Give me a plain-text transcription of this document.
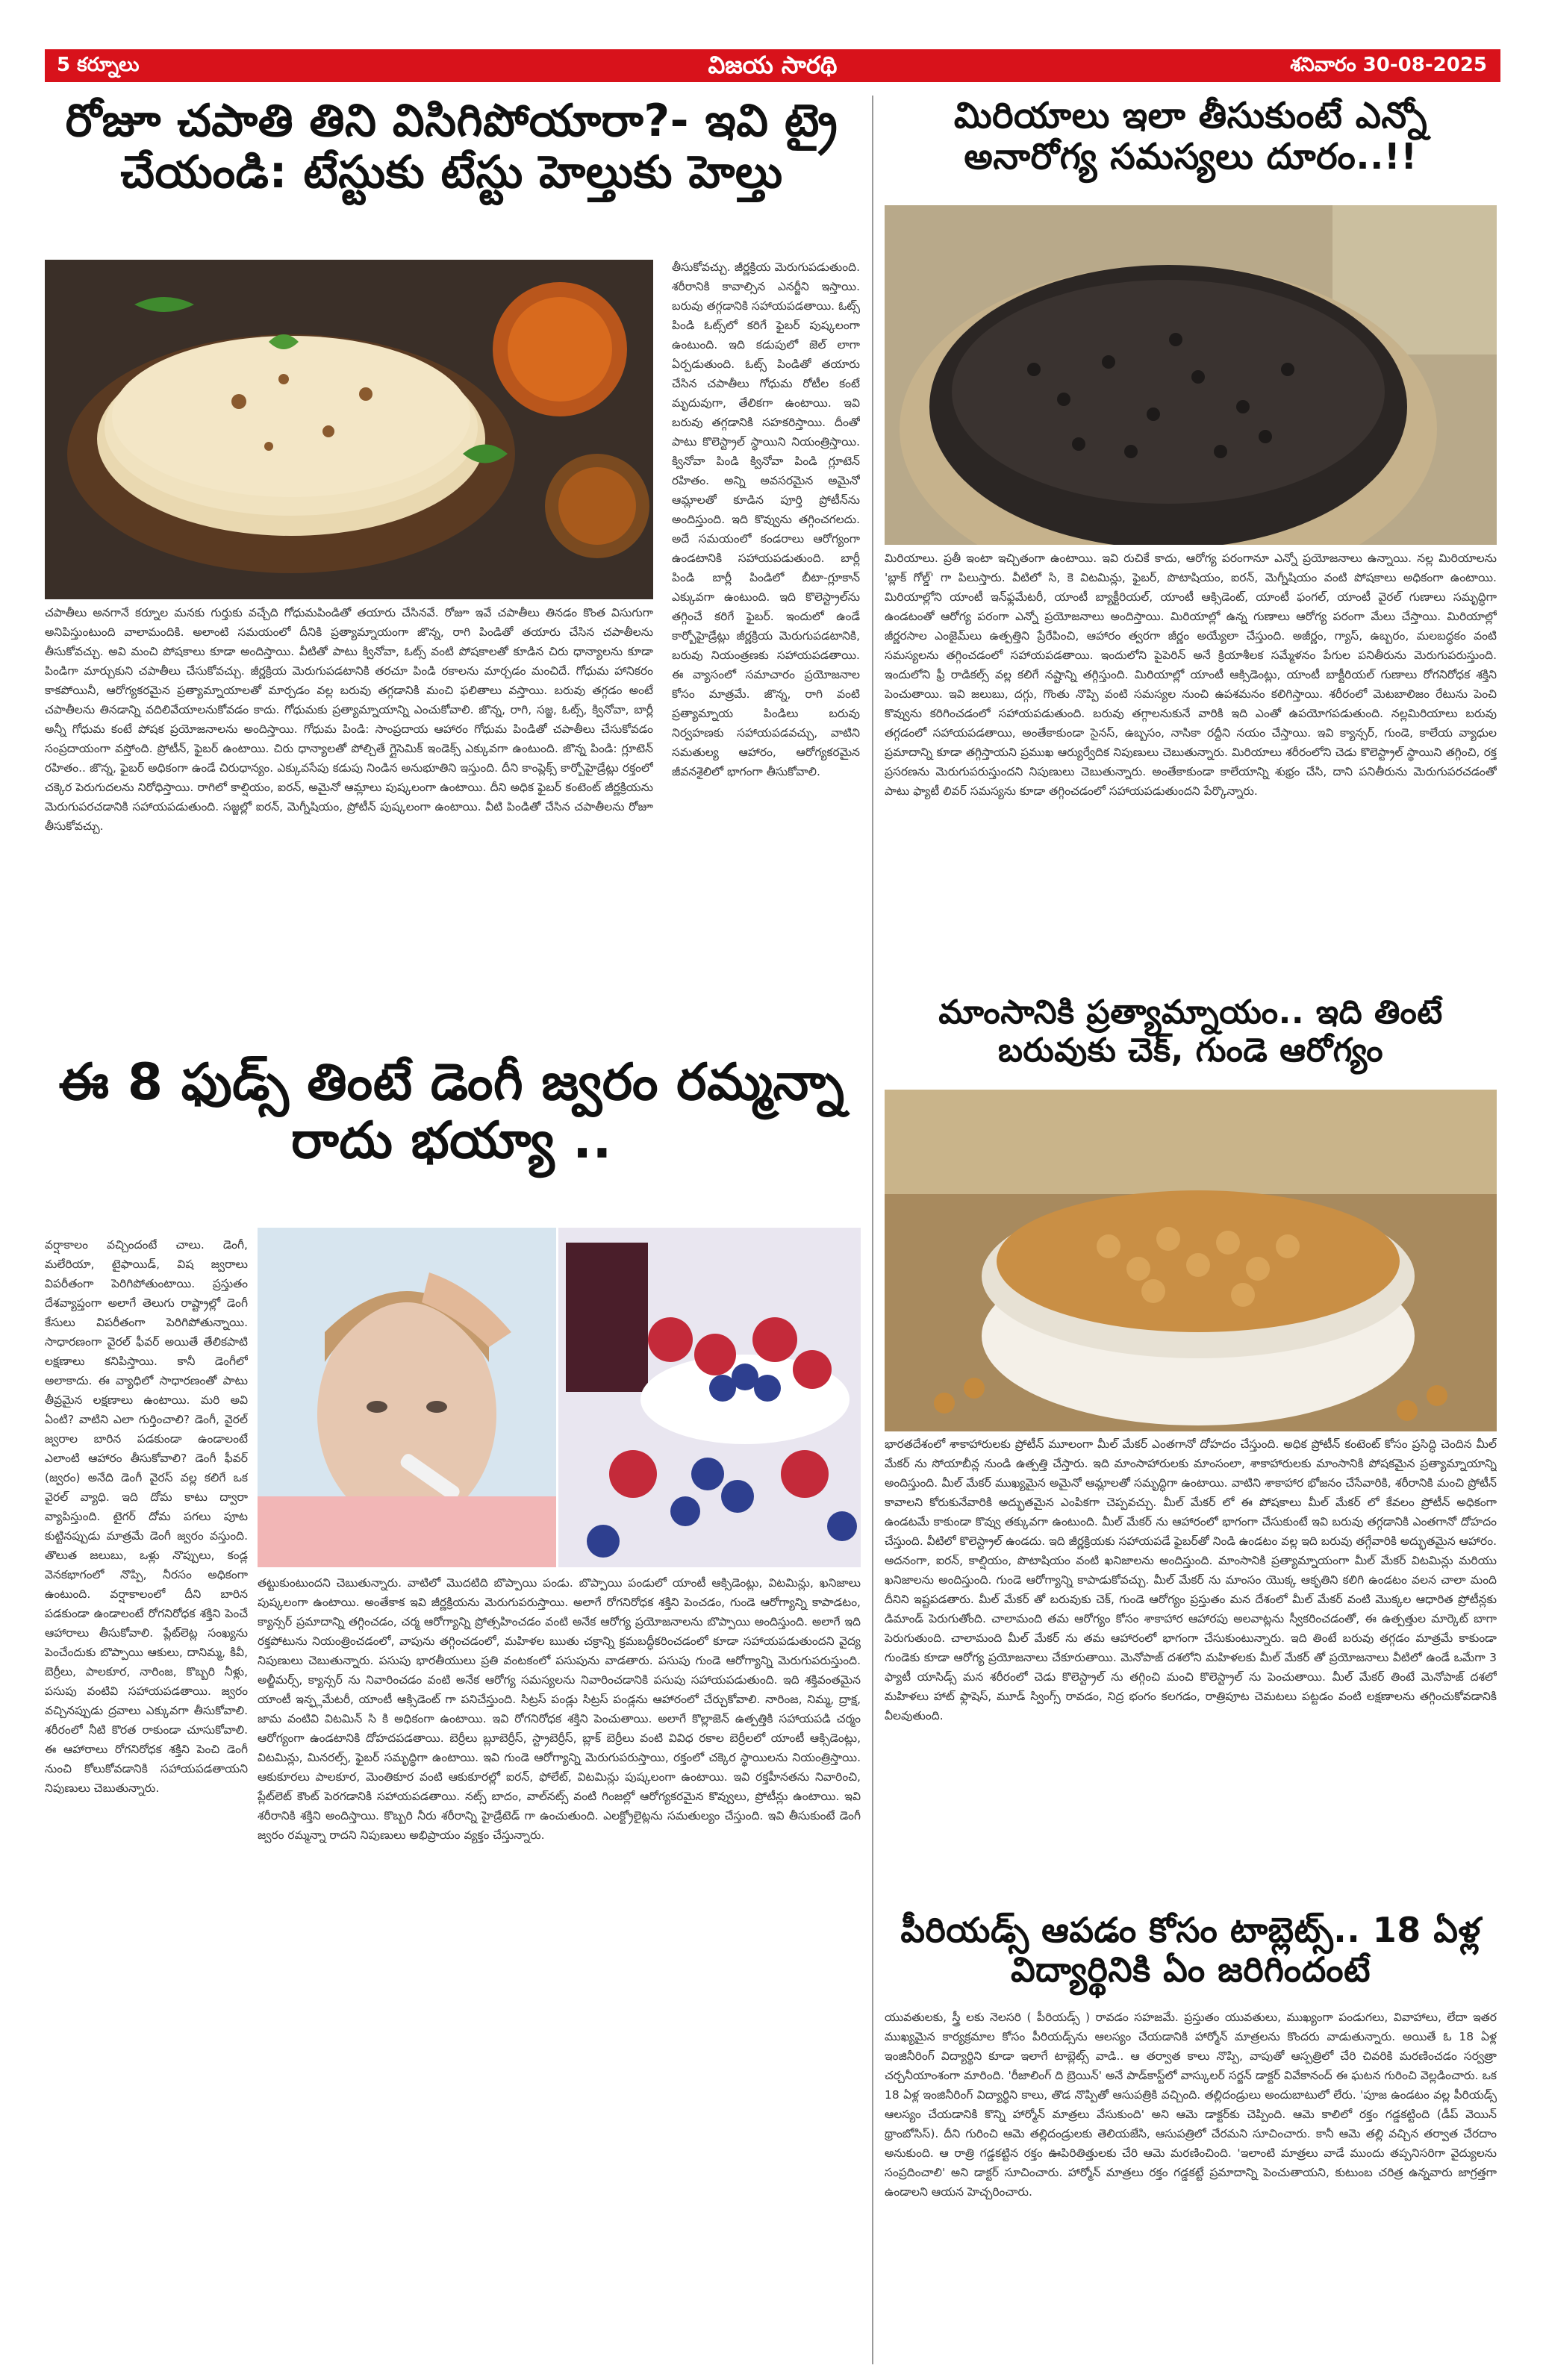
5 కర్నూలు	విజయ సారథి	శనివారం 30-08-2025
రోజూ చపాతి తిని విసిగిపోయారా?- ఇవి ట్రై చేయండి: టేస్టుకు టేస్టు హెల్తుకు హెల్తు
తీసుకోవచ్చు. జీర్ణక్రియ మెరుగుపడుతుంది. శరీరానికి కావాల్సిన ఎనర్జీని ఇస్తాయి. బరువు తగ్గడానికి సహాయపడతాయి. ఓట్స్ పిండి ఓట్స్‌లో కరిగే ఫైబర్ పుష్కలంగా ఉంటుంది. ఇది కడుపులో జెల్ లాగా ఏర్పడుతుంది. ఓట్స్ పిండితో తయారు చేసిన చపాతీలు గోధుమ రోటీల కంటే మృదువుగా, తేలికగా ఉంటాయి. ఇవి బరువు తగ్గడానికి సహకరిస్తాయి. దీంతో పాటు కొలెస్ట్రాల్ స్థాయిని నియంత్రిస్తాయి. క్వినోవా పిండి క్వినోవా పిండి గ్లూటెన్ రహితం. అన్ని అవసరమైన అమైనో ఆమ్లాలతో కూడిన పూర్తి ప్రోటీన్‌ను అందిస్తుంది. ఇది కొవ్వును తగ్గించగలదు. అదే సమయంలో కండరాలు ఆరోగ్యంగా ఉండటానికి సహాయపడుతుంది. బార్లీ పిండి బార్లీ పిండిలో బీటా-గ్లూకాన్ ఎక్కువగా ఉంటుంది. ఇది కొలెస్ట్రాల్‌ను తగ్గించే కరిగే ఫైబర్. ఇందులో ఉండే కార్బోహైడ్రేట్లు జీర్ణక్రియ మెరుగుపడటానికి, బరువు నియంత్రణకు సహాయపడతాయి. ఈ వ్యాసంలో సమాచారం ప్రయోజనాల కోసం మాత్రమే. జొన్న, రాగి వంటి ప్రత్యామ్నాయ పిండిలు బరువు నిర్వహణకు సహాయపడవచ్చు, వాటిని సమతుల్య ఆహారం, ఆరోగ్యకరమైన జీవనశైలిలో భాగంగా తీసుకోవాలి.
చపాతీలు అనగానే కర్నూల మనకు గుర్తుకు వచ్చేది గోధుమపిండితో తయారు చేసినవే. రోజూ ఇవే చపాతీలు తినడం కొంత విసుగుగా అనిపిస్తుంటుంది వాలామందికి. అలాంటి సమయంలో దీనికి ప్రత్యామ్నాయంగా జొన్న, రాగి పిండితో తయారు చేసిన చపాతీలను తీసుకోవచ్చు. అవి మంచి పోషకాలు కూడా అందిస్తాయి. వీటితో పాటు క్వినోవా, ఓట్స్ వంటి పోషకాలతో కూడిన చిరు ధాన్యాలను కూడా పిండిగా మార్చుకుని చపాతీలు చేసుకోవచ్చు. జీర్ణక్రియ మెరుగుపడటానికి తరచూ పిండి రకాలను మార్చడం మంచిదే. గోధుమ హానికరం కాకపోయినీ, ఆరోగ్యకరమైన ప్రత్యామ్నాయాలతో మార్చడం వల్ల బరువు తగ్గడానికి మంచి ఫలితాలు వస్తాయి. బరువు తగ్గడం అంటే చపాతీలను తినడాన్ని వదిలివేయాలనుకోవడం కాదు. గోధుమకు ప్రత్యామ్నాయాన్ని ఎంచుకోవాలి. జొన్న, రాగి, సజ్జ, ఓట్స్, క్వినోవా, బార్లీ అన్నీ గోధుమ కంటే పోషక ప్రయోజనాలను అందిస్తాయి. గోధుమ పిండి: సాంప్రదాయ ఆహారం గోధుమ పిండితో చపాతీలు చేసుకోవడం సంప్రదాయంగా వస్తోంది. ప్రోటీన్, ఫైబర్ ఉంటాయి. చిరు ధాన్యాలతో పోల్చితే గ్లైసెమిక్ ఇండెక్స్ ఎక్కువగా ఉంటుంది. జొన్న పిండి: గ్లూటెన్ రహితం.. జొన్న, ఫైబర్ అధికంగా ఉండే చిరుధాన్యం. ఎక్కువసేపు కడుపు నిండిన అనుభూతిని ఇస్తుంది. దీని కాంప్లెక్స్ కార్బోహైడ్రేట్లు రక్తంలో చక్కెర పెరుగుదలను నిరోధిస్తాయి. రాగిలో కాల్షియం, ఐరన్, అమైనో ఆమ్లాలు పుష్కలంగా ఉంటాయి. దీని అధిక ఫైబర్ కంటెంట్ జీర్ణక్రియను మెరుగుపరచడానికి సహాయపడుతుంది. సజ్జల్లో ఐరన్, మెగ్నీషియం, ప్రోటీన్ పుష్కలంగా ఉంటాయి. వీటి పిండితో చేసిన చపాతీలను రోజూ తీసుకోవచ్చు.
మిరియాలు ఇలా తీసుకుంటే ఎన్నో అనారోగ్య సమస్యలు దూరం..!!
మిరియాలు. ప్రతీ ఇంటా ఇచ్చితంగా ఉంటాయి. ఇవి రుచికే కాదు, ఆరోగ్య పరంగానూ ఎన్నో ప్రయోజనాలు ఉన్నాయి. నల్ల మిరియాలను 'బ్లాక్ గోల్డ్' గా పిలుస్తారు. వీటిలో సి, కె విటమిన్లు, ఫైబర్, పొటాషియం, ఐరన్, మెగ్నీషియం వంటి పోషకాలు అధికంగా ఉంటాయి. మిరియాల్లోని యాంటీ ఇన్‌ఫ్లమేటరీ, యాంటీ బ్యాక్టీరియల్, యాంటీ ఆక్సిడెంట్, యాంటీ ఫంగల్, యాంటీ వైరల్ గుణాలు సమృద్ధిగా ఉండటంతో ఆరోగ్య పరంగా ఎన్నో ప్రయోజనాలు అందిస్తాయి. మిరియాల్లో ఉన్న గుణాలు ఆరోగ్య పరంగా మేలు చేస్తాయి. మిరియాల్లో జీర్ణరసాల ఎంజైమ్‌లు ఉత్పత్తిని ప్రేరేపించి, ఆహారం త్వరగా జీర్ణం అయ్యేలా చేస్తుంది. అజీర్ణం, గ్యాస్, ఉబ్బరం, మలబద్ధకం వంటి సమస్యలను తగ్గించడంలో సహాయపడతాయి. ఇందులోని పైపెరిన్ అనే క్రియాశీలక సమ్మేళనం పేగుల పనితీరును మెరుగుపరుస్తుంది. ఇందులోని ఫ్రీ రాడికల్స్ వల్ల కలిగే నష్టాన్ని తగ్గిస్తుంది. మిరియాల్లో యాంటీ ఆక్సిడెంట్లు, యాంటీ బాక్టీరియల్ గుణాలు రోగనిరోధక శక్తిని పెంచుతాయి. ఇవి జలుబు, దగ్గు, గొంతు నొప్పి వంటి సమస్యల నుంచి ఉపశమనం కలిగిస్తాయి. శరీరంలో మెటబాలిజం రేటును పెంచి కొవ్వును కరిగించడంలో సహాయపడుతుంది. బరువు తగ్గాలనుకునే వారికి ఇది ఎంతో ఉపయోగపడుతుంది. నల్లమిరియాలు బరువు తగ్గడంలో సహాయపడతాయి, అంతేకాకుండా సైనస్, ఉబ్బసం, నాసికా రద్దీని నయం చేస్తాయి. ఇవి క్యాన్సర్, గుండె, కాలేయ వ్యాధుల ప్రమాదాన్ని కూడా తగ్గిస్తాయని ప్రముఖ ఆర్యుర్వేదిక నిపుణులు చెబుతున్నారు. మిరియాలు శరీరంలోని చెడు కొలెస్ట్రాల్ స్థాయిని తగ్గించి, రక్త ప్రసరణను మెరుగుపరుస్తుందని నిపుణులు చెబుతున్నారు. అంతేకాకుండా కాలేయాన్ని శుభ్రం చేసి, దాని పనితీరును మెరుగుపరచడంతో పాటు ఫ్యాటీ లివర్ సమస్యను కూడా తగ్గించడంలో సహాయపడుతుందని పేర్కొన్నారు.
మాంసానికి ప్రత్యామ్నాయం.. ఇది తింటే బరువుకు చెక్, గుండె ఆరోగ్యం
భారతదేశంలో శాకాహారులకు ప్రోటీన్ మూలంగా మీల్ మేకర్ ఎంతగానో దోహదం చేస్తుంది. అధిక ప్రోటీన్ కంటెంట్ కోసం ప్రసిద్ధి చెందిన మీల్ మేకర్ ను సోయాబీన్ల నుండి ఉత్పత్తి చేస్తారు. ఇది మాంసాహారులకు మాంసంలా, శాకాహారులకు మాంసానికి పోషకమైన ప్రత్యామ్నాయాన్ని అందిస్తుంది. మీల్ మేకర్ ముఖ్యమైన అమైనో ఆమ్లాలతో సమృద్ధిగా ఉంటాయి. వాటిని శాకాహార భోజనం చేసేవారికి, శరీరానికి మంచి ప్రోటీన్ కావాలని కోరుకునేవారికి అద్భుతమైన ఎంపికగా చెప్పవచ్చు. మీల్ మేకర్ లో ఈ పోషకాలు మీల్ మేకర్ లో కేవలం ప్రోటీన్ అధికంగా ఉండటమే కాకుండా కొవ్వు తక్కువగా ఉంటుంది. మీల్ మేకర్ ను ఆహారంలో భాగంగా చేసుకుంటే ఇవి బరువు తగ్గడానికి ఎంతగానో దోహదం చేస్తుంది. వీటిలో కొలెస్ట్రాల్ ఉండదు. ఇది జీర్ణక్రియకు సహాయపడే ఫైబర్‌తో నిండి ఉండటం వల్ల ఇది బరువు తగ్గేవారికి అద్భుతమైన ఆహారం. అదనంగా, ఐరన్, కాల్షియం, పొటాషియం వంటి ఖనిజాలను అందిస్తుంది. మాంసానికి ప్రత్యామ్నాయంగా మీల్ మేకర్ విటమిన్లు మరియు ఖనిజాలను అందిస్తుంది. గుండె ఆరోగ్యాన్ని కాపాడుకోవచ్చు. మీల్ మేకర్ ను మాంసం యొక్క ఆకృతిని కలిగి ఉండటం వలన చాలా మంది దీనిని ఇష్టపడతారు. మీల్ మేకర్ తో బరువుకు చెక్, గుండె ఆరోగ్యం ప్రస్తుతం మన దేశంలో మీల్ మేకర్ వంటి మొక్కల ఆధారిత ప్రోటీన్లకు డిమాండ్ పెరుగుతోంది. చాలామంది తమ ఆరోగ్యం కోసం శాకాహార ఆహారపు అలవాట్లను స్వీకరించడంతో, ఈ ఉత్పత్తుల మార్కెట్ బాగా పెరుగుతుంది. చాలామంది మీల్ మేకర్ ను తమ ఆహారంలో భాగంగా చేసుకుంటున్నారు. ఇది తింటే బరువు తగ్గడం మాత్రమే కాకుండా గుండెకు కూడా ఆరోగ్య ప్రయోజనాలు చేకూరుతాయి. మెనోపాజ్ దశలోని మహిళలకు మీల్ మేకర్ తో ప్రయోజనాలు వీటిలో ఉండే ఒమేగా 3 ఫ్యాటీ యాసిడ్స్ మన శరీరంలో చెడు కొలెస్ట్రాల్ ను తగ్గించి మంచి కొలెస్ట్రాల్ ను పెంచుతాయి. మీల్ మేకర్ తింటే మెనోపాజ్ దశలో మహిళలు హాట్ ఫ్లాషెస్, మూడ్ స్వింగ్స్ రావడం, నిద్ర భంగం కలగడం, రాత్రిపూట చెమటలు పట్టడం వంటి లక్షణాలను తగ్గించుకోవడానికి వీలవుతుంది.
ఈ 8 ఫుడ్స్ తింటే డెంగీ జ్వరం రమ్మన్నా రాదు భయ్యా ..
వర్షాకాలం వచ్చిందంటే చాలు. డెంగీ, మలేరియా, టైఫాయిడ్, విష జ్వరాలు విపరీతంగా పెరిగిపోతుంటాయి. ప్రస్తుతం దేశవ్యాప్తంగా అలాగే తెలుగు రాష్ట్రాల్లో డెంగీ కేసులు విపరీతంగా పెరిగిపోతున్నాయి. సాధారణంగా వైరల్ ఫీవర్ అయితే తేలికపాటి లక్షణాలు కనిపిస్తాయి. కానీ డెంగీలో అలాకాదు. ఈ వ్యాధిలో సాధారణంతో పాటు తీవ్రమైన లక్షణాలు ఉంటాయి. మరి అవి ఏంటి? వాటిని ఎలా గుర్తించాలి? డెంగీ, వైరల్ జ్వరాల బారిన పడకుండా ఉండాలంటే ఎలాంటి ఆహారం తీసుకోవాలి? డెంగీ ఫీవర్ (జ్వరం) అనేది డెంగీ వైరస్ వల్ల కలిగే ఒక వైరల్ వ్యాధి. ఇది దోమ కాటు ద్వారా వ్యాపిస్తుంది. టైగర్ దోమ పగలు పూట కుట్టినప్పుడు మాత్రమే డెంగీ జ్వరం వస్తుంది. తొలుత జలుబు, ఒళ్లు నొప్పులు, కండ్ల వెనకభాగంలో నొప్పి, నీరసం అధికంగా ఉంటుంది. వర్షాకాలంలో దీని బారిన పడకుండా ఉండాలంటే రోగనిరోధక శక్తిని పెంచే ఆహారాలు తీసుకోవాలి. ప్లేట్‌లెట్ల సంఖ్యను పెంచేందుకు బొప్పాయి ఆకులు, దానిమ్మ, కివీ, బెర్రీలు, పాలకూర, నారింజ, కొబ్బరి నీళ్లు, పసుపు వంటివి సహాయపడతాయి. జ్వరం వచ్చినప్పుడు ద్రవాలు ఎక్కువగా తీసుకోవాలి. శరీరంలో నీటి కొరత రాకుండా చూసుకోవాలి. ఈ ఆహారాలు రోగనిరోధక శక్తిని పెంచి డెంగీ నుంచి కోలుకోవడానికి సహాయపడతాయని నిపుణులు చెబుతున్నారు.
తట్టుకుంటుందని చెబుతున్నారు. వాటిలో మొదటిది బొప్పాయి పండు. బొప్పాయి పండులో యాంటీ ఆక్సిడెంట్లు, విటమిన్లు, ఖనిజాలు పుష్కలంగా ఉంటాయి. అంతేకాక ఇవి జీర్ణక్రియను మెరుగుపరుస్తాయి. అలాగే రోగనిరోధక శక్తిని పెంచడం, గుండె ఆరోగ్యాన్ని కాపాడటం, క్యాన్సర్ ప్రమాదాన్ని తగ్గించడం, చర్మ ఆరోగ్యాన్ని ప్రోత్సహించడం వంటి అనేక ఆరోగ్య ప్రయోజనాలను బొప్పాయి అందిస్తుంది. అలాగే ఇది రక్తపోటును నియంత్రించడంలో, వాపును తగ్గించడంలో, మహిళల ఋతు చక్రాన్ని క్రమబద్ధీకరించడంలో కూడా సహాయపడుతుందని వైద్య నిపుణులు చెబుతున్నారు. పసుపు భారతీయులు ప్రతి వంటకంలో పసుపును వాడతారు. పసుపు గుండె ఆరోగ్యాన్ని మెరుగుపరుస్తుంది. అల్జీమర్స్, క్యాన్సర్ ను నివారించడం వంటి అనేక ఆరోగ్య సమస్యలను నివారించడానికి పసుపు సహాయపడుతుంది. ఇది శక్తివంతమైన యాంటీ ఇన్ఫ్లమేటరీ, యాంటీ ఆక్సిడెంట్ గా పనిచేస్తుంది. సిట్రస్ పండ్లు సిట్రస్ పండ్లను ఆహారంలో చేర్చుకోవాలి. నారింజ, నిమ్మ, ద్రాక్ష, జామ వంటివి విటమిన్ సి కి అధికంగా ఉంటాయి. ఇవి రోగనిరోధక శక్తిని పెంచుతాయి. అలాగే కొల్లాజెన్ ఉత్పత్తికి సహాయపడి చర్మం ఆరోగ్యంగా ఉండటానికి దోహదపడతాయి. బెర్రీలు బ్లూబెర్రీస్, స్ట్రాబెర్రీస్, బ్లాక్ బెర్రీలు వంటి వివిధ రకాల బెర్రీలలో యాంటీ ఆక్సిడెంట్లు, విటమిన్లు, మినరల్స్, ఫైబర్ సమృద్ధిగా ఉంటాయి. ఇవి గుండె ఆరోగ్యాన్ని మెరుగుపరుస్తాయి, రక్తంలో చక్కెర స్థాయిలను నియంత్రిస్తాయి. ఆకుకూరలు పాలకూర, మెంతికూర వంటి ఆకుకూరల్లో ఐరన్, ఫోలేట్, విటమిన్లు పుష్కలంగా ఉంటాయి. ఇవి రక్తహీనతను నివారించి, ప్లేట్‌లెట్ కౌంట్ పెరగడానికి సహాయపడతాయి. నట్స్ బాదం, వాల్‌నట్స్ వంటి గింజల్లో ఆరోగ్యకరమైన కొవ్వులు, ప్రోటీన్లు ఉంటాయి. ఇవి శరీరానికి శక్తిని అందిస్తాయి. కొబ్బరి నీరు శరీరాన్ని హైడ్రేటెడ్ గా ఉంచుతుంది. ఎలక్ట్రోలైట్లను సమతుల్యం చేస్తుంది. ఇవి తీసుకుంటే డెంగీ జ్వరం రమ్మన్నా రాదని నిపుణులు అభిప్రాయం వ్యక్తం చేస్తున్నారు.
పీరియడ్స్ ఆపడం కోసం టాబ్లెట్స్.. 18 ఏళ్ల విద్యార్థినికి ఏం జరిగిందంటే
యువతులకు, స్త్రీ లకు నెలసరి ( పీరియడ్స్ ) రావడం సహజమే. ప్రస్తుతం యువతులు, ముఖ్యంగా పండుగలు, వివాహాలు, లేదా ఇతర ముఖ్యమైన కార్యక్రమాల కోసం పీరియడ్స్‌ను ఆలస్యం చేయడానికి హార్మోన్ మాత్రలను కొందరు వాడుతున్నారు. అయితే ఓ 18 ఏళ్ల ఇంజినీరింగ్ విద్యార్థిని కూడా ఇలాగే టాబ్లెట్స్ వాడి.. ఆ తర్వాత కాలు నొప్పి, వాపుతో ఆస్పత్రిలో చేరి చివరికి మరణించడం సర్వత్రా చర్చనీయాంశంగా మారింది. 'రీజాలింగ్ ది బ్రెయిన్' అనే పాడ్‌కాస్ట్‌లో వాస్కులర్ సర్జన్ డాక్టర్ వివేకానంద్ ఈ ఘటన గురించి వెల్లడించారు. ఒక 18 ఏళ్ల ఇంజినీరింగ్ విద్యార్థిని కాలు, తొడ నొప్పితో ఆసుపత్రికి వచ్చింది. తల్లిదండ్రులు అందుబాటులో లేరు. 'పూజ ఉండటం వల్ల పీరియడ్స్ ఆలస్యం చేయడానికి కొన్ని హార్మోన్ మాత్రలు వేసుకుంది' అని ఆమె డాక్టర్‌కు చెప్పింది. ఆమె కాలిలో రక్తం గడ్డకట్టింది (డీప్ వెయిన్ థ్రాంబోసిస్). దీని గురించి ఆమె తల్లిదండ్రులకు తెలియజేసి, ఆసుపత్రిలో చేరమని సూచించారు. కానీ ఆమె తల్లి వచ్చిన తర్వాత చేరదాం అనుకుంది. ఆ రాత్రి గడ్డకట్టిన రక్తం ఊపిరితిత్తులకు చేరి ఆమె మరణించింది. 'ఇలాంటి మాత్రలు వాడే ముందు తప్పనిసరిగా వైద్యులను సంప్రదించాలి' అని డాక్టర్ సూచించారు. హార్మోన్ మాత్రలు రక్తం గడ్డకట్టే ప్రమాదాన్ని పెంచుతాయని, కుటుంబ చరిత్ర ఉన్నవారు జాగ్రత్తగా ఉండాలని ఆయన హెచ్చరించారు.
